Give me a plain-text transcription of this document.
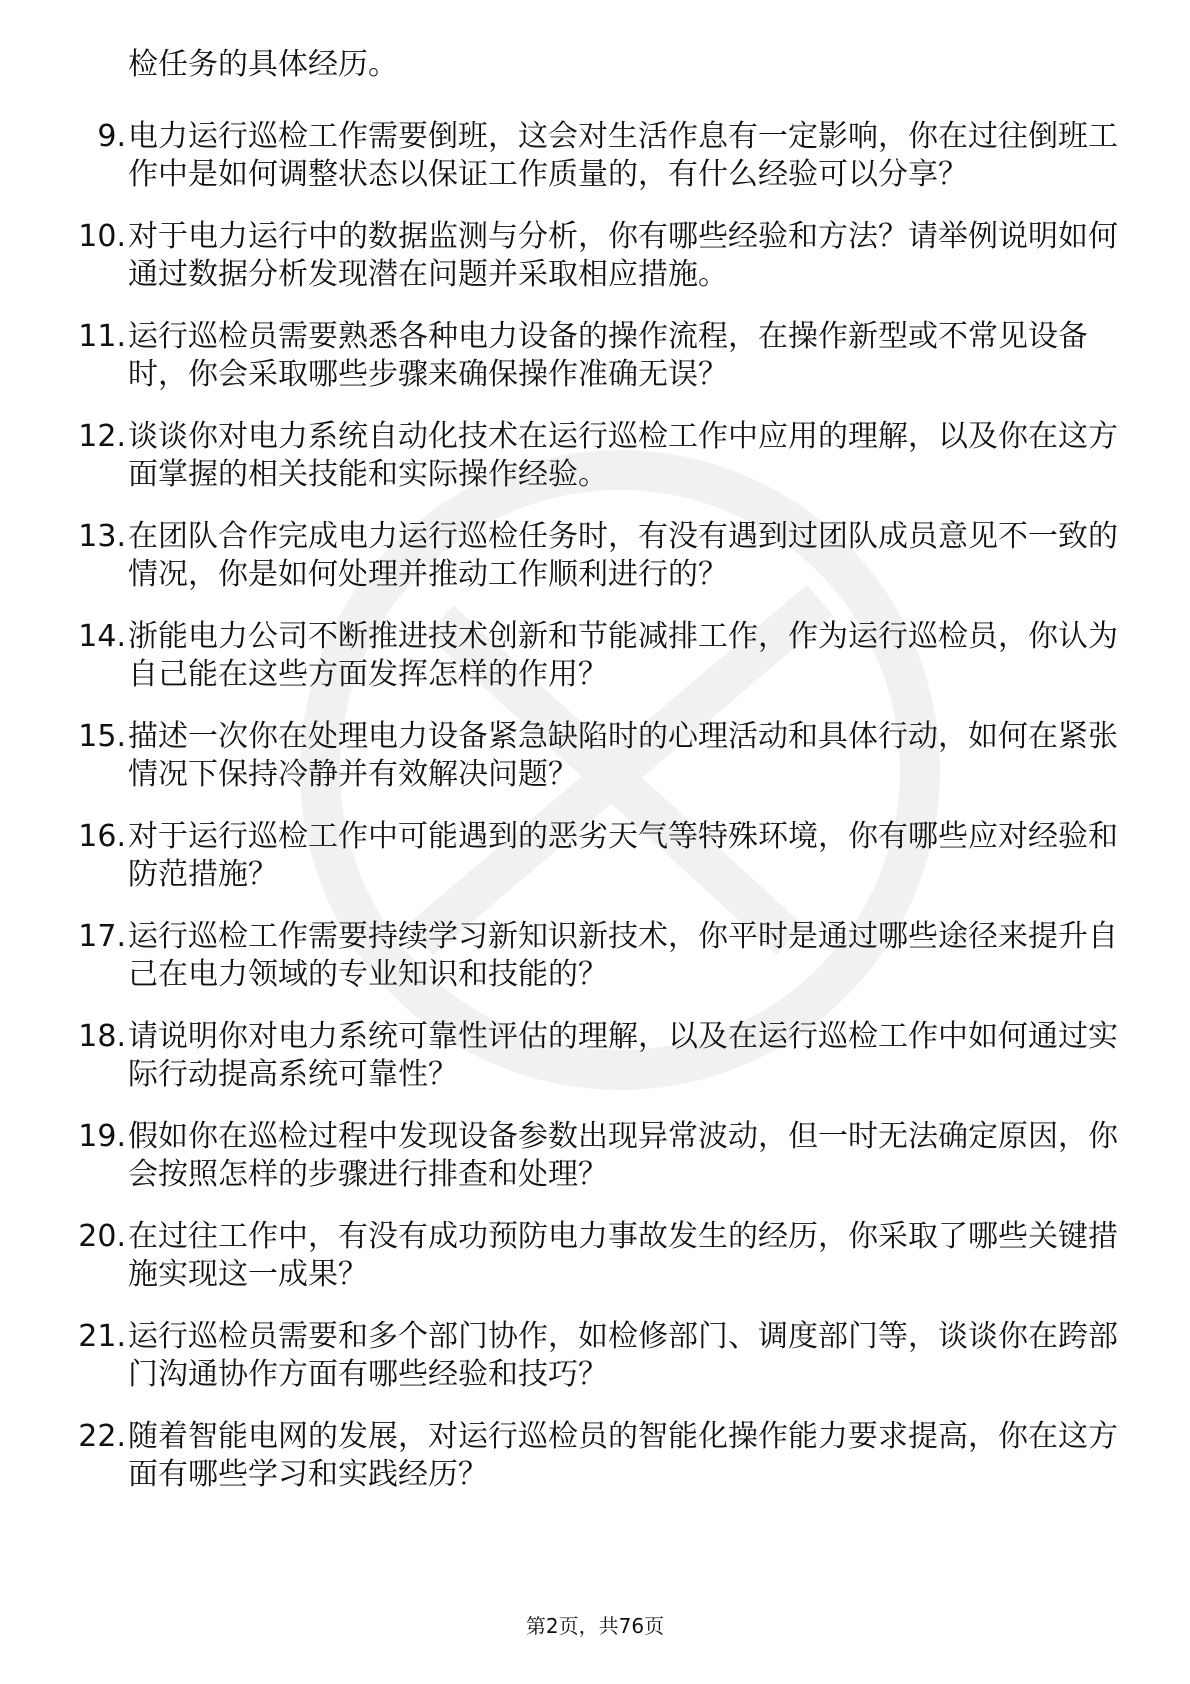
检任务的具体经历。

9. 电力运行巡检工作需要倒班，这会对生活作息有一定影响，你在过往倒班工作中是如何调整状态以保证工作质量的，有什么经验可以分享？

10. 对于电力运行中的数据监测与分析，你有哪些经验和方法？请举例说明如何通过数据分析发现潜在问题并采取相应措施。

11. 运行巡检员需要熟悉各种电力设备的操作流程，在操作新型或不常见设备时，你会采取哪些步骤来确保操作准确无误？

12. 谈谈你对电力系统自动化技术在运行巡检工作中应用的理解，以及你在这方面掌握的相关技能和实际操作经验。

13. 在团队合作完成电力运行巡检任务时，有没有遇到过团队成员意见不一致的情况，你是如何处理并推动工作顺利进行的？

14. 浙能电力公司不断推进技术创新和节能减排工作，作为运行巡检员，你认为自己能在这些方面发挥怎样的作用？

15. 描述一次你在处理电力设备紧急缺陷时的心理活动和具体行动，如何在紧张情况下保持冷静并有效解决问题？

16. 对于运行巡检工作中可能遇到的恶劣天气等特殊环境，你有哪些应对经验和防范措施？

17. 运行巡检工作需要持续学习新知识新技术，你平时是通过哪些途径来提升自己在电力领域的专业知识和技能的？

18. 请说明你对电力系统可靠性评估的理解，以及在运行巡检工作中如何通过实际行动提高系统可靠性？

19. 假如你在巡检过程中发现设备参数出现异常波动，但一时无法确定原因，你会按照怎样的步骤进行排查和处理？

20. 在过往工作中，有没有成功预防电力事故发生的经历，你采取了哪些关键措施实现这一成果？

21. 运行巡检员需要和多个部门协作，如检修部门、调度部门等，谈谈你在跨部门沟通协作方面有哪些经验和技巧？

22. 随着智能电网的发展，对运行巡检员的智能化操作能力要求提高，你在这方面有哪些学习和实践经历？

第2页，共76页
